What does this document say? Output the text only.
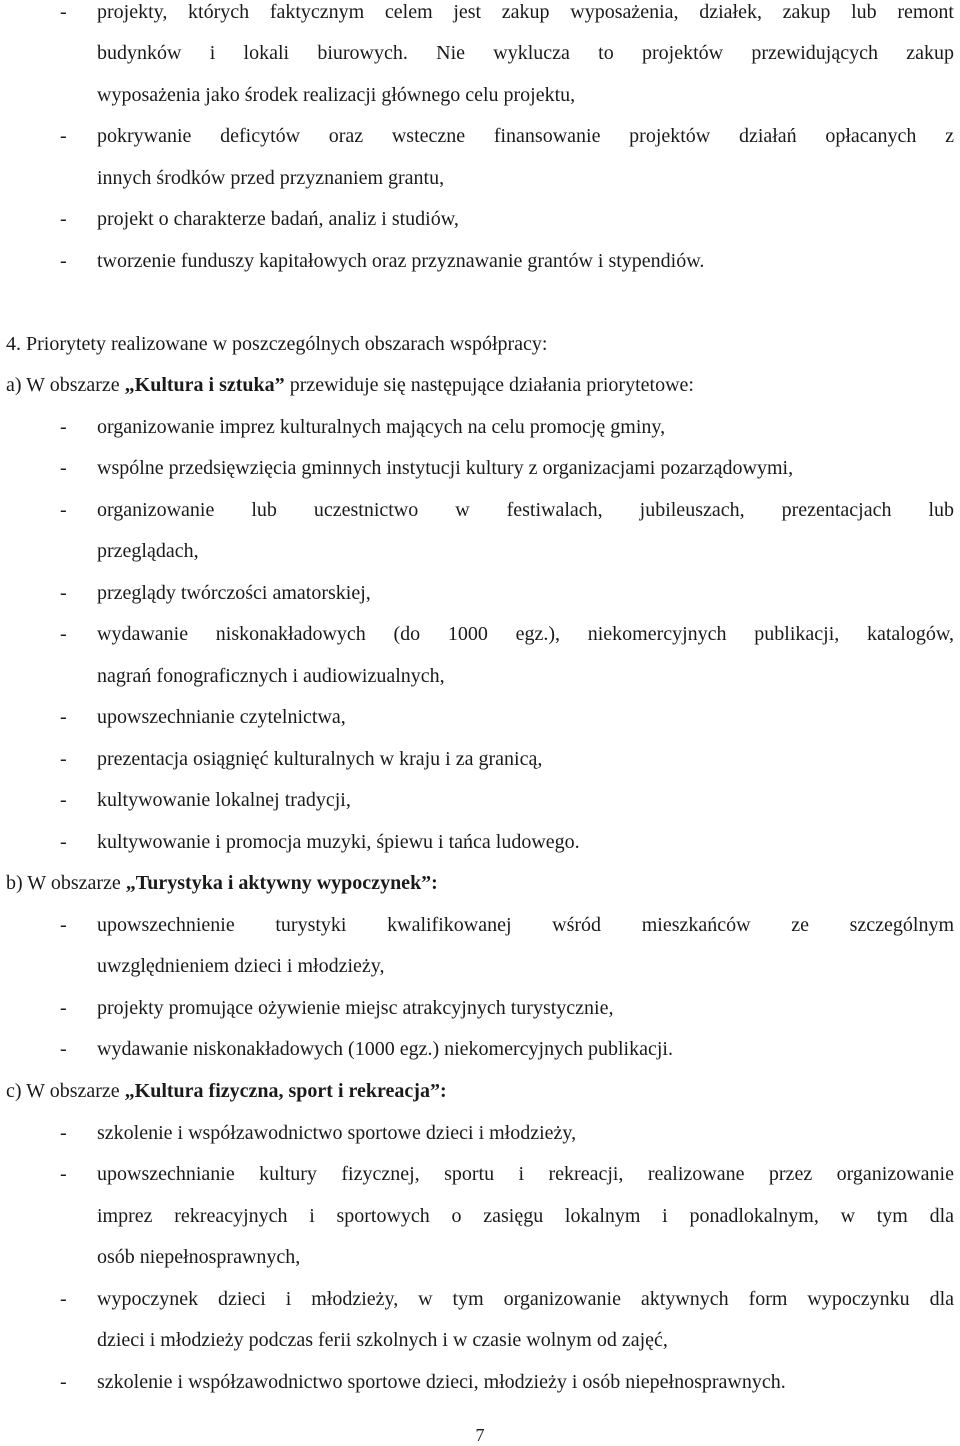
- projekty, których faktycznym celem jest zakup wyposażenia, działek, zakup lub remont
budynków i lokali biurowych. Nie wyklucza to projektów przewidujących zakup
wyposażenia jako środek realizacji głównego celu projektu,
- pokrywanie deficytów oraz wsteczne finansowanie projektów działań opłacanych z
innych środków przed przyznaniem grantu,
- projekt o charakterze badań, analiz i studiów,
- tworzenie funduszy kapitałowych oraz przyznawanie grantów i stypendiów.
4. Priorytety realizowane w poszczególnych obszarach współpracy:
a) W obszarze „Kultura i sztuka” przewiduje się następujące działania priorytetowe:
- organizowanie imprez kulturalnych mających na celu promocję gminy,
- wspólne przedsięwzięcia gminnych instytucji kultury z organizacjami pozarządowymi,
- organizowanie lub uczestnictwo w festiwalach, jubileuszach, prezentacjach lub
przeglądach,
- przeglądy twórczości amatorskiej,
- wydawanie niskonakładowych (do 1000 egz.), niekomercyjnych publikacji, katalogów,
nagrań fonograficznych i audiowizualnych,
- upowszechnianie czytelnictwa,
- prezentacja osiągnięć kulturalnych w kraju i za granicą,
- kultywowanie lokalnej tradycji,
- kultywowanie i promocja muzyki, śpiewu i tańca ludowego.
b) W obszarze „Turystyka i aktywny wypoczynek”:
- upowszechnienie turystyki kwalifikowanej wśród mieszkańców ze szczególnym
uwzględnieniem dzieci i młodzieży,
- projekty promujące ożywienie miejsc atrakcyjnych turystycznie,
- wydawanie niskonakładowych (1000 egz.) niekomercyjnych publikacji.
c) W obszarze „Kultura fizyczna, sport i rekreacja”:
- szkolenie i współzawodnictwo sportowe dzieci i młodzieży,
- upowszechnianie kultury fizycznej, sportu i rekreacji, realizowane przez organizowanie
imprez rekreacyjnych i sportowych o zasięgu lokalnym i ponadlokalnym, w tym dla
osób niepełnosprawnych,
- wypoczynek dzieci i młodzieży, w tym organizowanie aktywnych form wypoczynku dla
dzieci i młodzieży podczas ferii szkolnych i w czasie wolnym od zajęć,
- szkolenie i współzawodnictwo sportowe dzieci, młodzieży i osób niepełnosprawnych.
7
